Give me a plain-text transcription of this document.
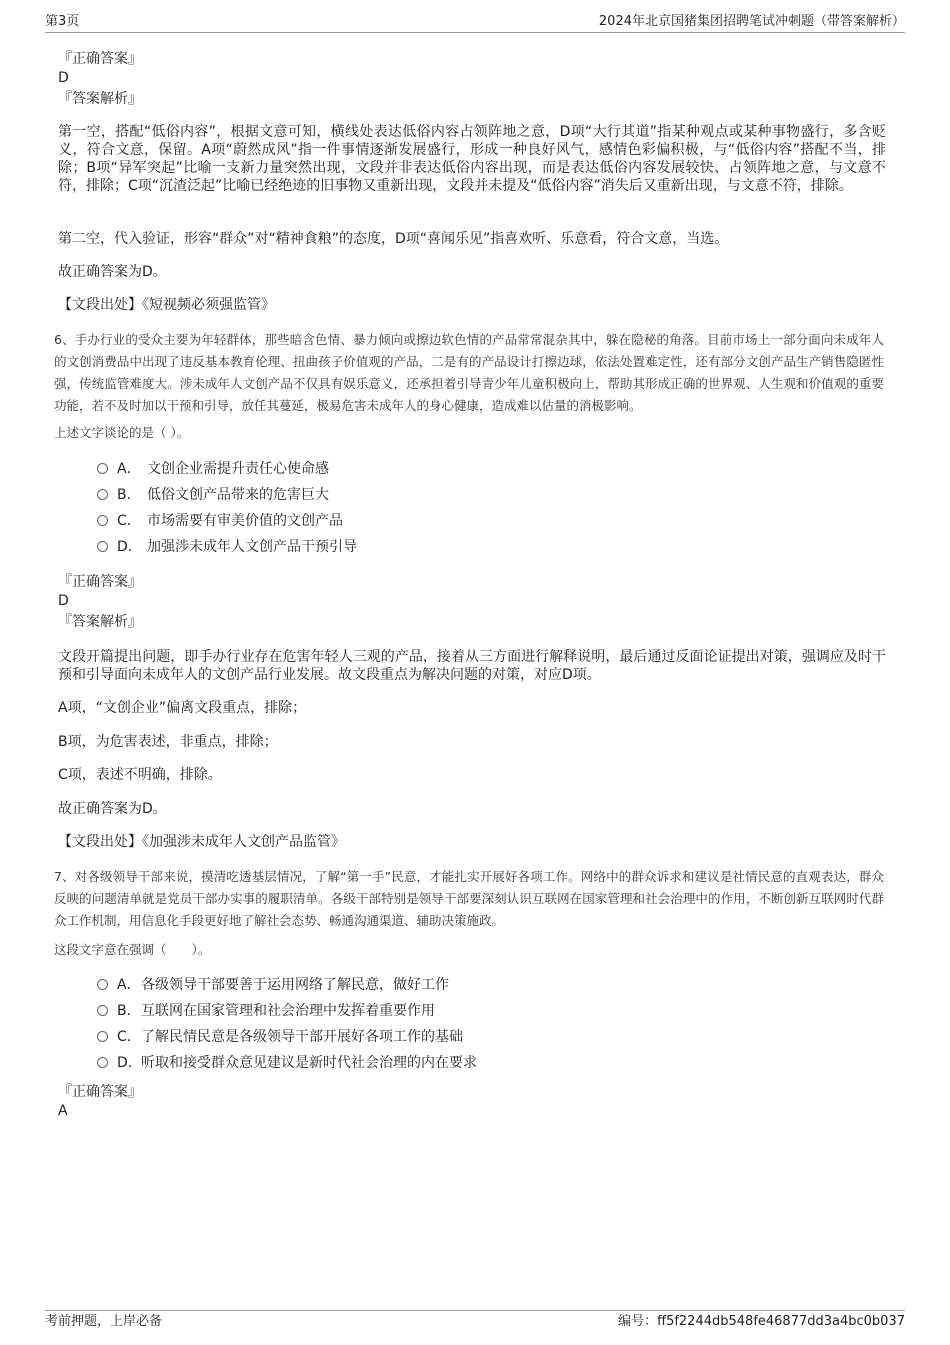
第3页	2024年北京国猪集团招聘笔试冲刺题（带答案解析）
『正确答案』
D
『答案解析』
第一空，搭配“低俗内容”，根据文意可知，横线处表达低俗内容占领阵地之意，D项“大行其道”指某种观点或某种事物盛行，多含贬义，符合文意，保留。A项“蔚然成风”指一件事情逐渐发展盛行，形成一种良好风气，感情色彩偏积极，与“低俗内容”搭配不当，排除；B项“异军突起”比喻一支新力量突然出现，文段并非表达低俗内容出现，而是表达低俗内容发展较快、占领阵地之意，与文意不符，排除；C项“沉渣泛起”比喻已经绝迹的旧事物又重新出现，文段并未提及“低俗内容”消失后又重新出现，与文意不符，排除。
第二空，代入验证，形容“群众”对“精神食粮”的态度，D项“喜闻乐见”指喜欢听、乐意看，符合文意，当选。
故正确答案为D。
【文段出处】《短视频必须强监管》
6、手办行业的受众主要为年轻群体，那些暗含色情、暴力倾向或擦边软色情的产品常常混杂其中，躲在隐秘的角落。目前市场上一部分面向未成年人的文创消费品中出现了违反基本教育伦理、扭曲孩子价值观的产品，二是有的产品设计打擦边球，依法处置难定性，还有部分文创产品生产销售隐匿性强，传统监管难度大。涉未成年人文创产品不仅具有娱乐意义，还承担着引导青少年儿童积极向上，帮助其形成正确的世界观、人生观和价值观的重要功能，若不及时加以干预和引导，放任其蔓延，极易危害未成年人的身心健康，造成难以估量的消极影响。
上述文字谈论的是（ ）。
A． 文创企业需提升责任心使命感
B． 低俗文创产品带来的危害巨大
C． 市场需要有审美价值的文创产品
D． 加强涉未成年人文创产品干预引导
『正确答案』
D
『答案解析』
文段开篇提出问题，即手办行业存在危害年轻人三观的产品，接着从三方面进行解释说明，最后通过反面论证提出对策，强调应及时干预和引导面向未成年人的文创产品行业发展。故文段重点为解决问题的对策，对应D项。
A项，“文创企业”偏离文段重点，排除；
B项，为危害表述，非重点，排除；
C项，表述不明确，排除。
故正确答案为D。
【文段出处】《加强涉未成年人文创产品监管》
7、对各级领导干部来说，摸清吃透基层情况，了解“第一手”民意，才能扎实开展好各项工作。网络中的群众诉求和建议是社情民意的直观表达，群众反映的问题清单就是党员干部办实事的履职清单。各级干部特别是领导干部要深刻认识互联网在国家管理和社会治理中的作用，不断创新互联网时代群众工作机制，用信息化手段更好地了解社会态势、畅通沟通渠道、辅助决策施政。
这段文字意在强调（　　）。
A．各级领导干部要善于运用网络了解民意，做好工作
B．互联网在国家管理和社会治理中发挥着重要作用
C．了解民情民意是各级领导干部开展好各项工作的基础
D．听取和接受群众意见建议是新时代社会治理的内在要求
『正确答案』
A
考前押题，上岸必备	编号：ff5f2244db548fe46877dd3a4bc0b037
